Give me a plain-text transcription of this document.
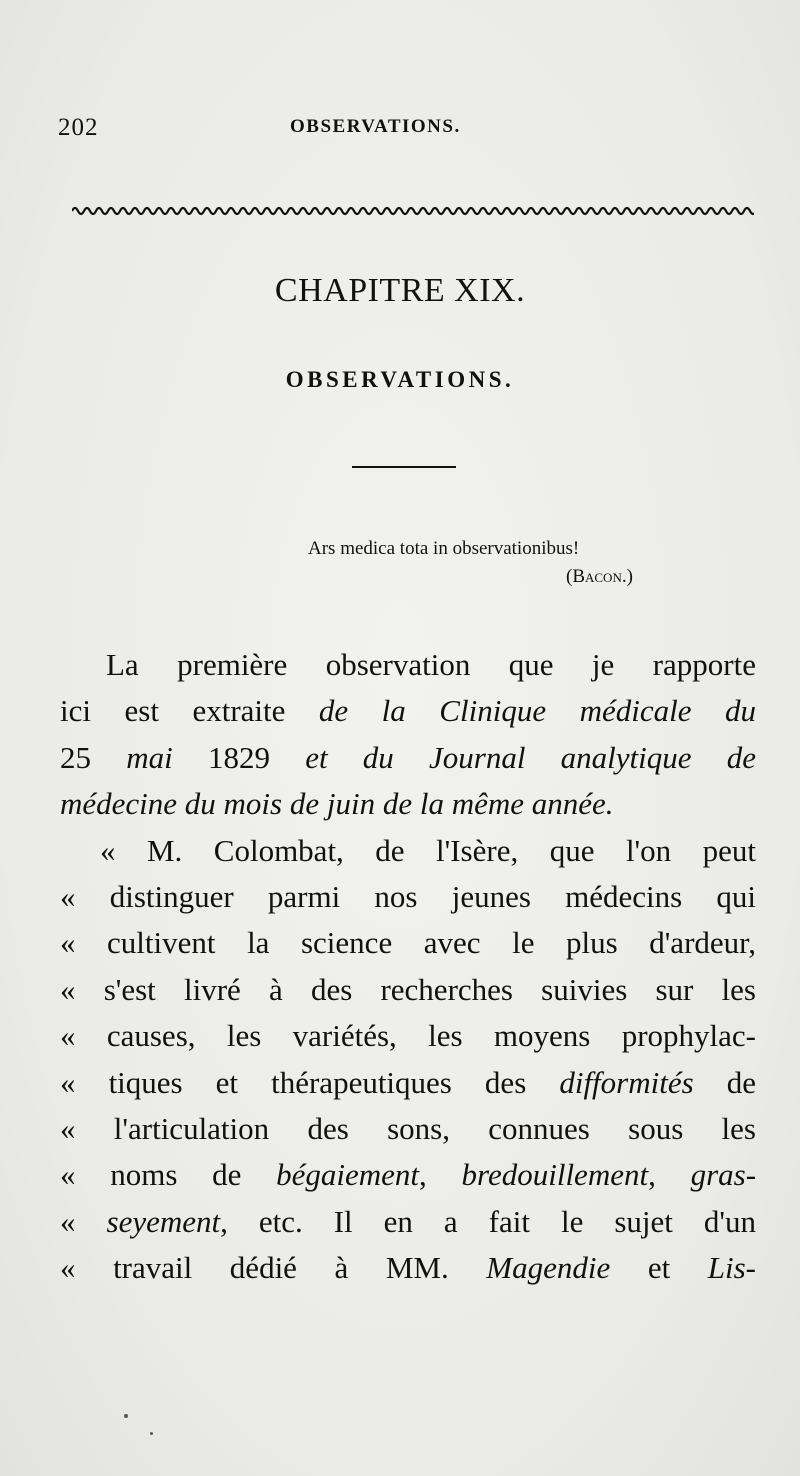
202	OBSERVATIONS.
CHAPITRE XIX.
OBSERVATIONS.
Ars medica tota in observationibus!
(Bacon.)
La première observation que je rapporte
ici est extraite de la Clinique médicale du
25 mai 1829 et du Journal analytique de
médecine du mois de juin de la même année.
« M. Colombat, de l'Isère, que l'on peut
« distinguer parmi nos jeunes médecins qui
« cultivent la science avec le plus d'ardeur,
« s'est livré à des recherches suivies sur les
« causes, les variétés, les moyens prophylac-
« tiques et thérapeutiques des difformités de
« l'articulation des sons, connues sous les
« noms de bégaiement, bredouillement, gras-
« seyement, etc. Il en a fait le sujet d'un
« travail dédié à MM. Magendie et Lis-
